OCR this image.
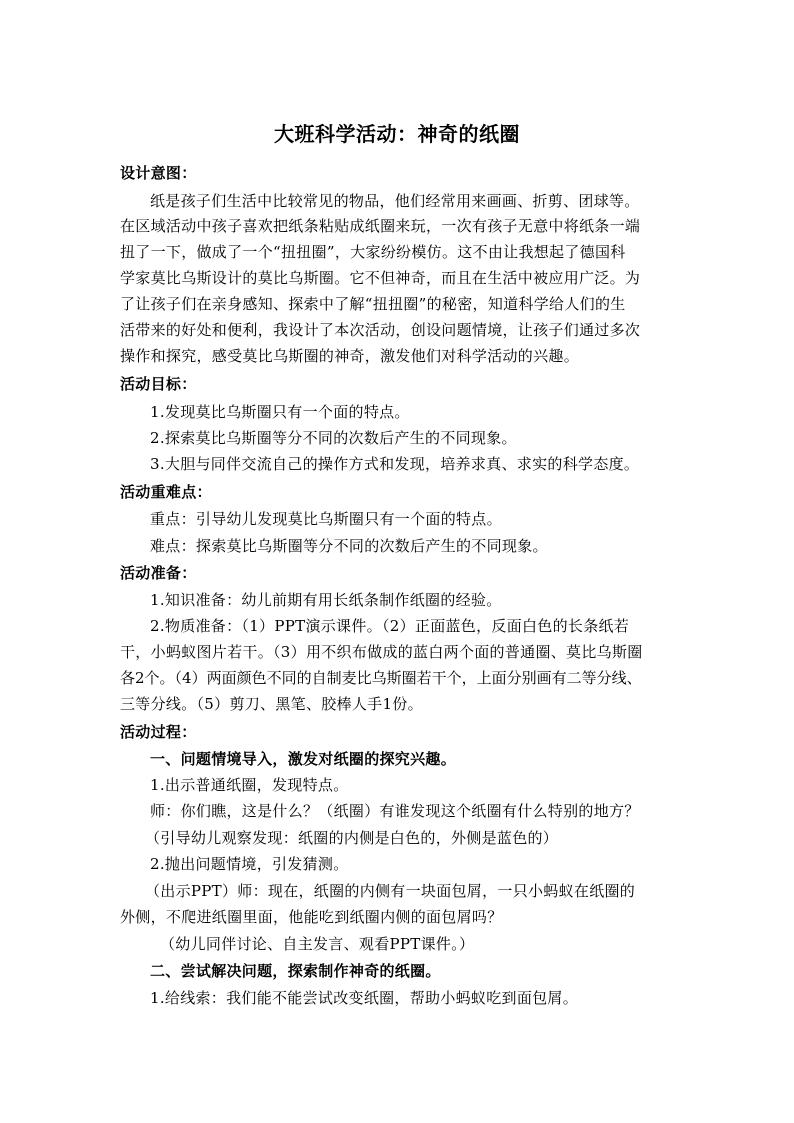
大班科学活动：神奇的纸圈
设计意图：
纸是孩子们生活中比较常见的物品，他们经常用来画画、折剪、团球等。
在区域活动中孩子喜欢把纸条粘贴成纸圈来玩，一次有孩子无意中将纸条一端
扭了一下，做成了一个“扭扭圈”，大家纷纷模仿。这不由让我想起了德国科
学家莫比乌斯设计的莫比乌斯圈。它不但神奇，而且在生活中被应用广泛。为
了让孩子们在亲身感知、探索中了解“扭扭圈”的秘密，知道科学给人们的生
活带来的好处和便利，我设计了本次活动，创设问题情境，让孩子们通过多次
操作和探究，感受莫比乌斯圈的神奇，激发他们对科学活动的兴趣。
活动目标：
1.发现莫比乌斯圈只有一个面的特点。
2.探索莫比乌斯圈等分不同的次数后产生的不同现象。
3.大胆与同伴交流自己的操作方式和发现，培养求真、求实的科学态度。
活动重难点：
重点：引导幼儿发现莫比乌斯圈只有一个面的特点。
难点：探索莫比乌斯圈等分不同的次数后产生的不同现象。
活动准备：
1.知识准备：幼儿前期有用长纸条制作纸圈的经验。
2.物质准备：（1）PPT演示课件。（2）正面蓝色，反面白色的长条纸若
干，小蚂蚁图片若干。（3）用不织布做成的蓝白两个面的普通圈、莫比乌斯圈
各2个。（4）两面颜色不同的自制麦比乌斯圈若干个，上面分别画有二等分线、
三等分线。（5）剪刀、黑笔、胶棒人手1份。
活动过程：
一、问题情境导入，激发对纸圈的探究兴趣。
1.出示普通纸圈，发现特点。
师：你们瞧，这是什么？（纸圈）有谁发现这个纸圈有什么特别的地方？
（引导幼儿观察发现：纸圈的内侧是白色的，外侧是蓝色的）
2.抛出问题情境，引发猜测。
（出示PPT）师：现在，纸圈的内侧有一块面包屑，一只小蚂蚁在纸圈的
外侧，不爬进纸圈里面，他能吃到纸圈内侧的面包屑吗？
（幼儿同伴讨论、自主发言、观看PPT课件。）
二、尝试解决问题，探索制作神奇的纸圈。
1.给线索：我们能不能尝试改变纸圈，帮助小蚂蚁吃到面包屑。
